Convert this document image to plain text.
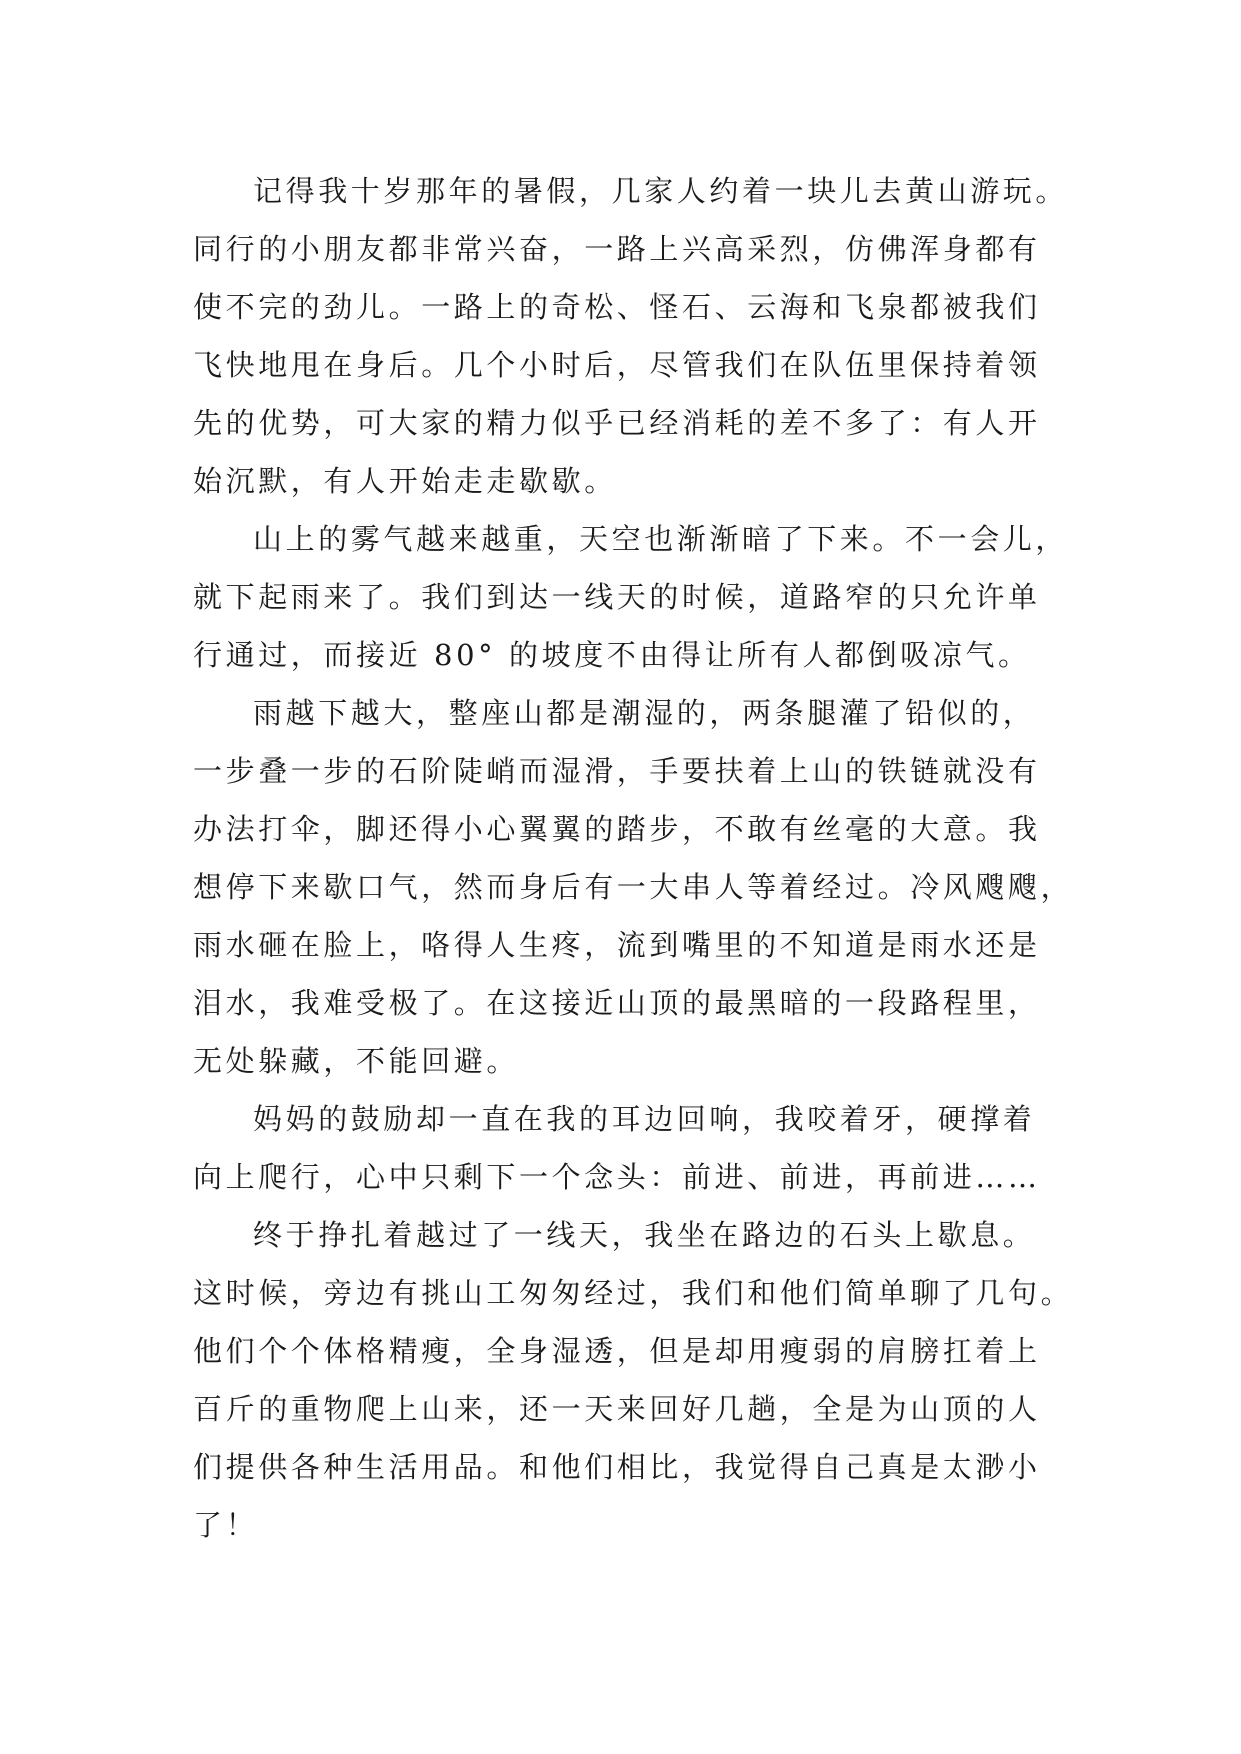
记得我十岁那年的暑假，几家人约着一块儿去黄山游玩。
同行的小朋友都非常兴奋，一路上兴高采烈，仿佛浑身都有
使不完的劲儿。一路上的奇松、怪石、云海和飞泉都被我们
飞快地甩在身后。几个小时后，尽管我们在队伍里保持着领
先的优势，可大家的精力似乎已经消耗的差不多了：有人开
始沉默，有人开始走走歇歇。
山上的雾气越来越重，天空也渐渐暗了下来。不一会儿，
就下起雨来了。我们到达一线天的时候，道路窄的只允许单
行通过，而接近 80° 的坡度不由得让所有人都倒吸凉气。
雨越下越大，整座山都是潮湿的，两条腿灌了铅似的，
一步叠一步的石阶陡峭而湿滑，手要扶着上山的铁链就没有
办法打伞，脚还得小心翼翼的踏步，不敢有丝毫的大意。我
想停下来歇口气，然而身后有一大串人等着经过。冷风飕飕，
雨水砸在脸上，咯得人生疼，流到嘴里的不知道是雨水还是
泪水，我难受极了。在这接近山顶的最黑暗的一段路程里，
无处躲藏，不能回避。
妈妈的鼓励却一直在我的耳边回响，我咬着牙，硬撑着
向上爬行，心中只剩下一个念头：前进、前进，再前进……
终于挣扎着越过了一线天，我坐在路边的石头上歇息。
这时候，旁边有挑山工匆匆经过，我们和他们简单聊了几句。
他们个个体格精瘦，全身湿透，但是却用瘦弱的肩膀扛着上
百斤的重物爬上山来，还一天来回好几趟，全是为山顶的人
们提供各种生活用品。和他们相比，我觉得自己真是太渺小
了！
